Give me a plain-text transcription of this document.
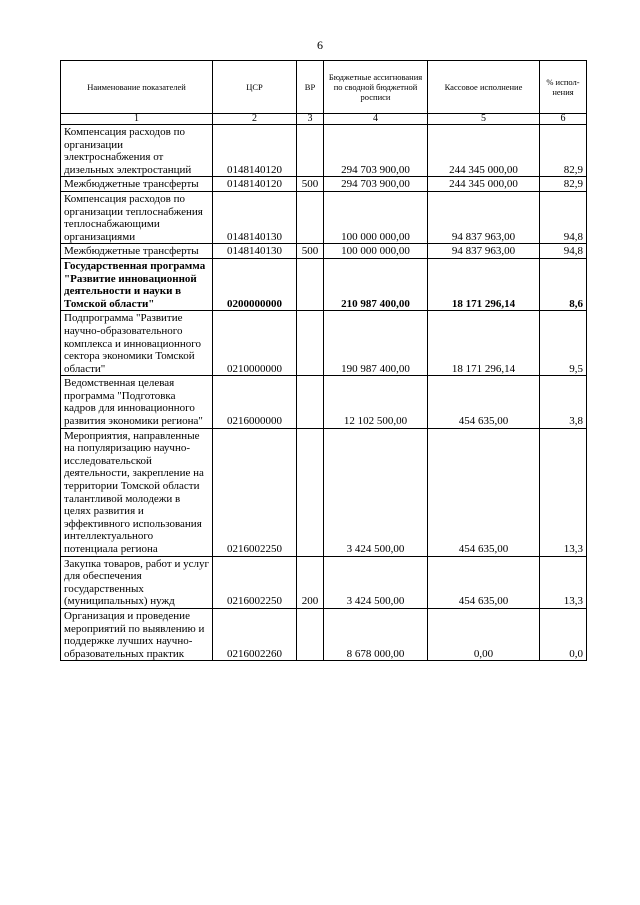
6
Наименование показателей	ЦСР	ВР	Бюджетные ассигнования по сводной бюджетной росписи	Кассовое исполнение	% испол-нения
1	2	3	4	5	6
Компенсация расходов по организации электроснабжения от дизельных электростанций	0148140120		294 703 900,00	244 345 000,00	82,9
Межбюджетные трансферты	0148140120	500	294 703 900,00	244 345 000,00	82,9
Компенсация расходов по организации теплоснабжения теплоснабжающими организациями	0148140130		100 000 000,00	94 837 963,00	94,8
Межбюджетные трансферты	0148140130	500	100 000 000,00	94 837 963,00	94,8
Государственная программа "Развитие инновационной деятельности и науки в Томской области"	0200000000		210 987 400,00	18 171 296,14	8,6
Подпрограмма "Развитие научно-образовательного комплекса и инновационного сектора экономики Томской области"	0210000000		190 987 400,00	18 171 296,14	9,5
Ведомственная целевая программа "Подготовка кадров для инновационного развития экономики региона"	0216000000		12 102 500,00	454 635,00	3,8
Мероприятия, направленные на популяризацию научно-исследовательской деятельности, закрепление на территории Томской области талантливой молодежи в целях развития и эффективного использования интеллектуального потенциала региона	0216002250		3 424 500,00	454 635,00	13,3
Закупка товаров, работ и услуг для обеспечения государственных (муниципальных) нужд	0216002250	200	3 424 500,00	454 635,00	13,3
Организация и проведение мероприятий по выявлению и поддержке лучших научно-образовательных практик	0216002260		8 678 000,00	0,00	0,0
